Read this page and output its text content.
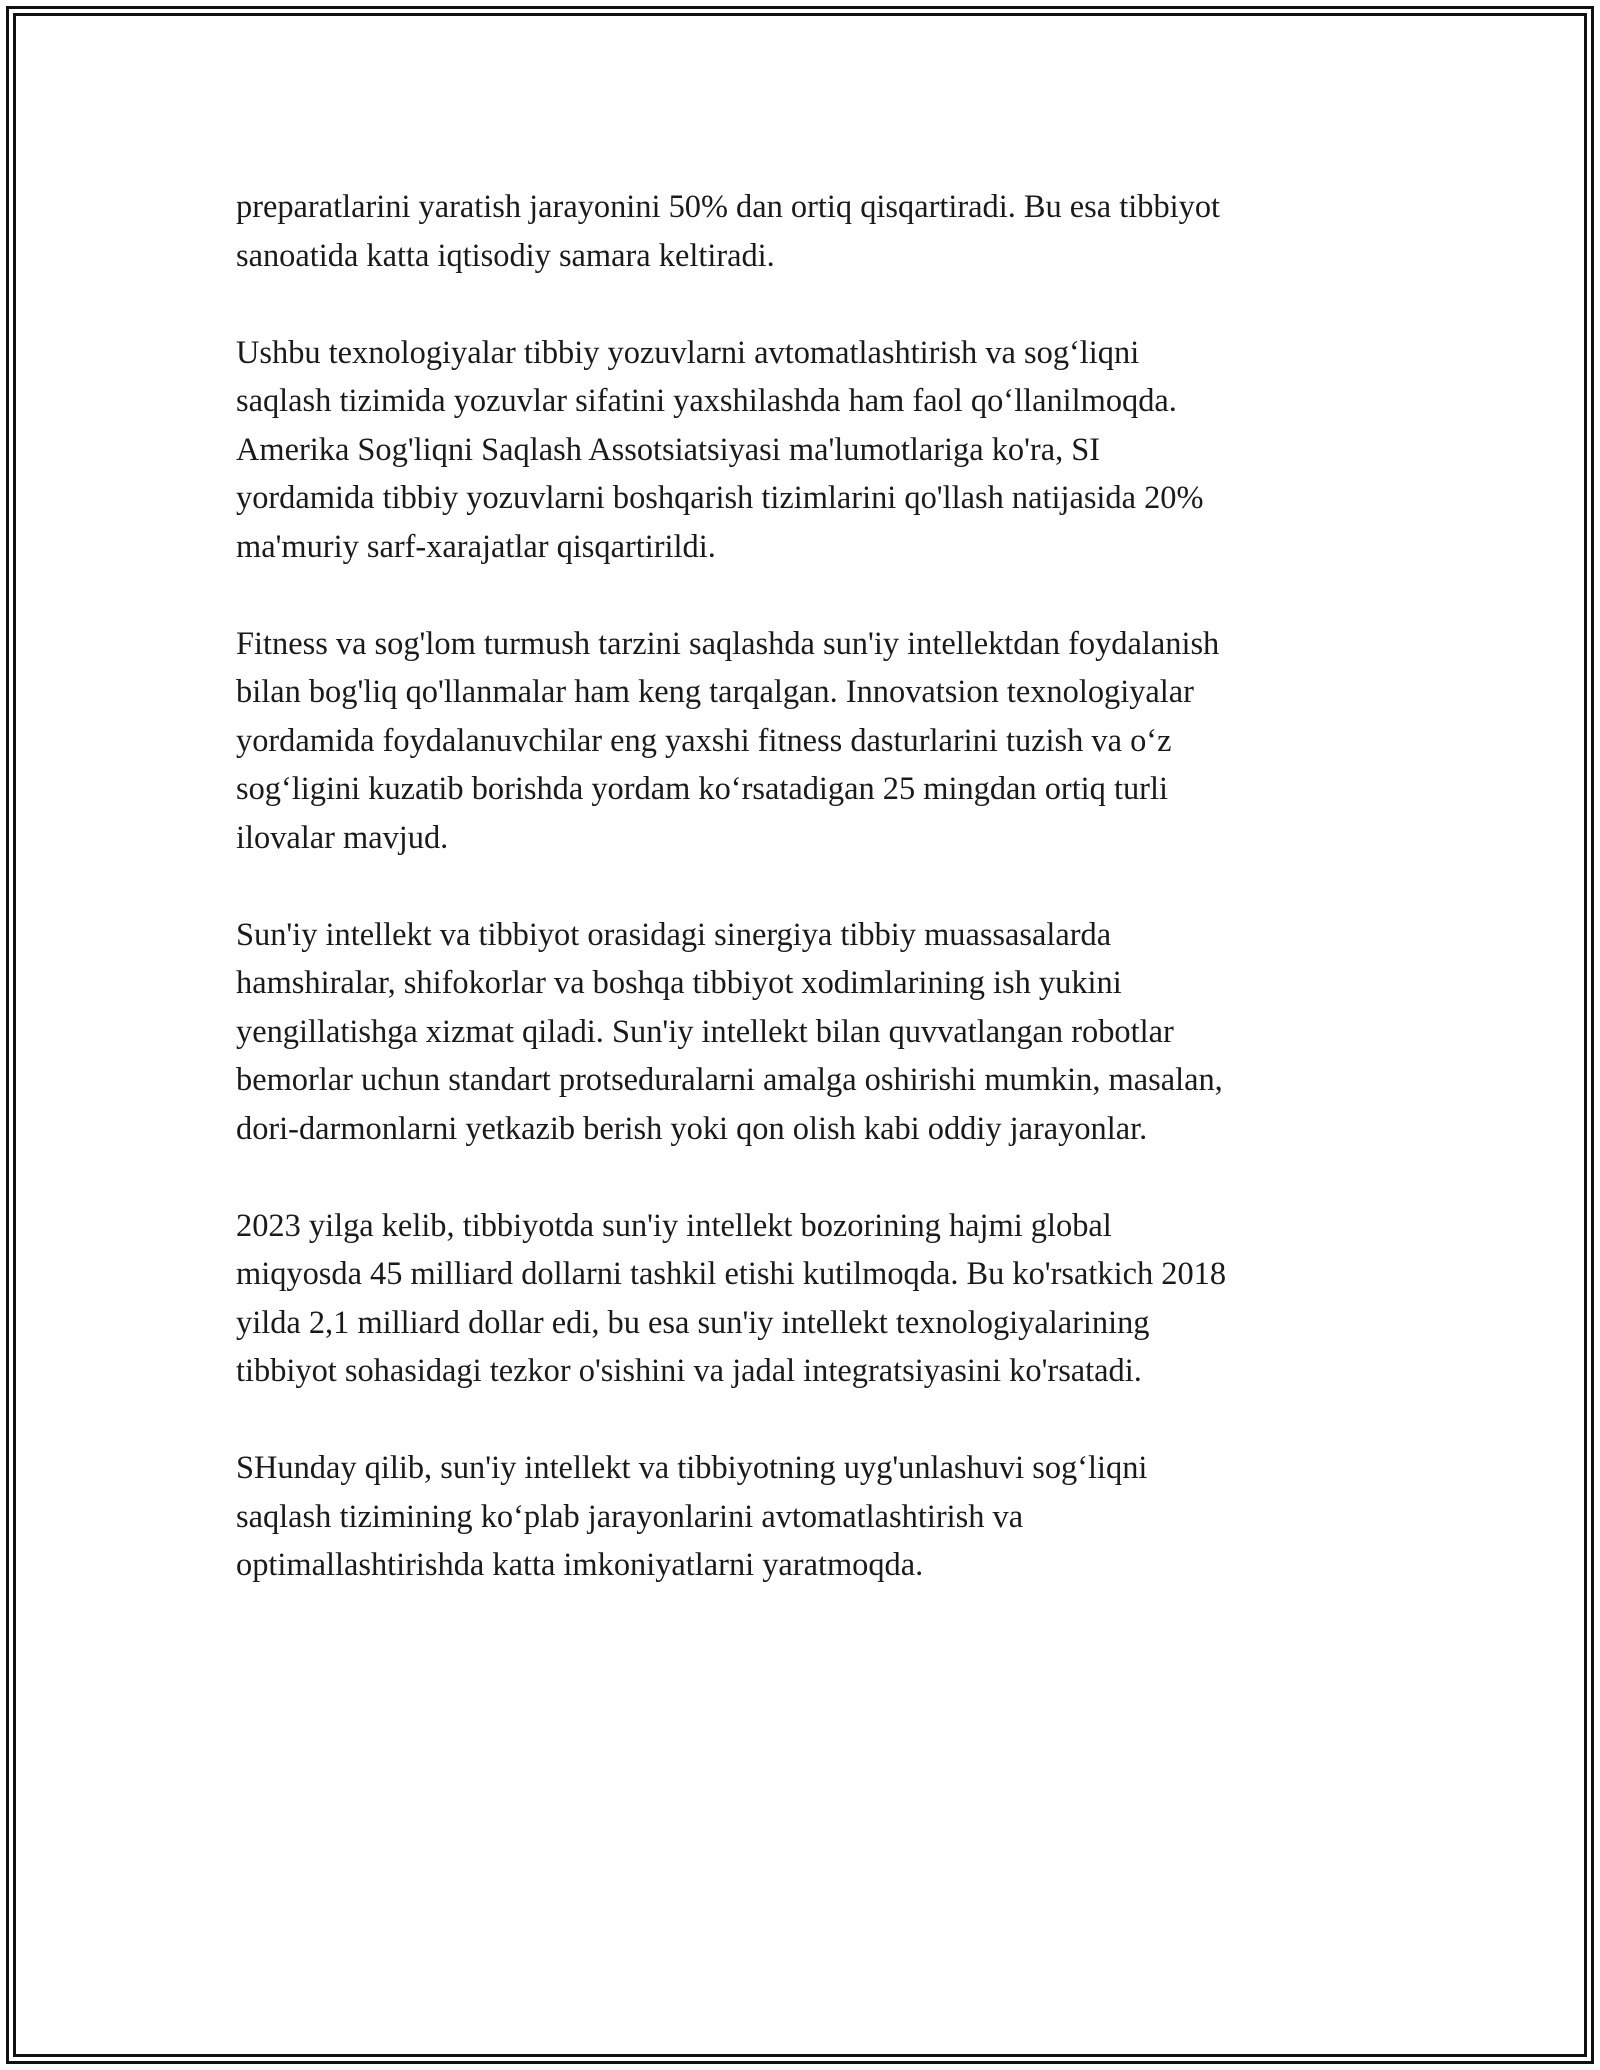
preparatlarini yaratish jarayonini 50% dan ortiq qisqartiradi. Bu esa tibbiyot
sanoatida katta iqtisodiy samara keltiradi.

Ushbu texnologiyalar tibbiy yozuvlarni avtomatlashtirish va sog‘liqni
saqlash tizimida yozuvlar sifatini yaxshilashda ham faol qo‘llanilmoqda.
Amerika Sog'liqni Saqlash Assotsiatsiyasi ma'lumotlariga ko'ra, SI
yordamida tibbiy yozuvlarni boshqarish tizimlarini qo'llash natijasida 20%
ma'muriy sarf-xarajatlar qisqartirildi.

Fitness va sog'lom turmush tarzini saqlashda sun'iy intellektdan foydalanish
bilan bog'liq qo'llanmalar ham keng tarqalgan. Innovatsion texnologiyalar
yordamida foydalanuvchilar eng yaxshi fitness dasturlarini tuzish va o‘z
sog‘ligini kuzatib borishda yordam ko‘rsatadigan 25 mingdan ortiq turli
ilovalar mavjud.

Sun'iy intellekt va tibbiyot orasidagi sinergiya tibbiy muassasalarda
hamshiralar, shifokorlar va boshqa tibbiyot xodimlarining ish yukini
yengillatishga xizmat qiladi. Sun'iy intellekt bilan quvvatlangan robotlar
bemorlar uchun standart protseduralarni amalga oshirishi mumkin, masalan,
dori-darmonlarni yetkazib berish yoki qon olish kabi oddiy jarayonlar.

2023 yilga kelib, tibbiyotda sun'iy intellekt bozorining hajmi global
miqyosda 45 milliard dollarni tashkil etishi kutilmoqda. Bu ko'rsatkich 2018
yilda 2,1 milliard dollar edi, bu esa sun'iy intellekt texnologiyalarining
tibbiyot sohasidagi tezkor o'sishini va jadal integratsiyasini ko'rsatadi.

SHunday qilib, sun'iy intellekt va tibbiyotning uyg'unlashuvi sog‘liqni
saqlash tizimining ko‘plab jarayonlarini avtomatlashtirish va
optimallashtirishda katta imkoniyatlarni yaratmoqda.
